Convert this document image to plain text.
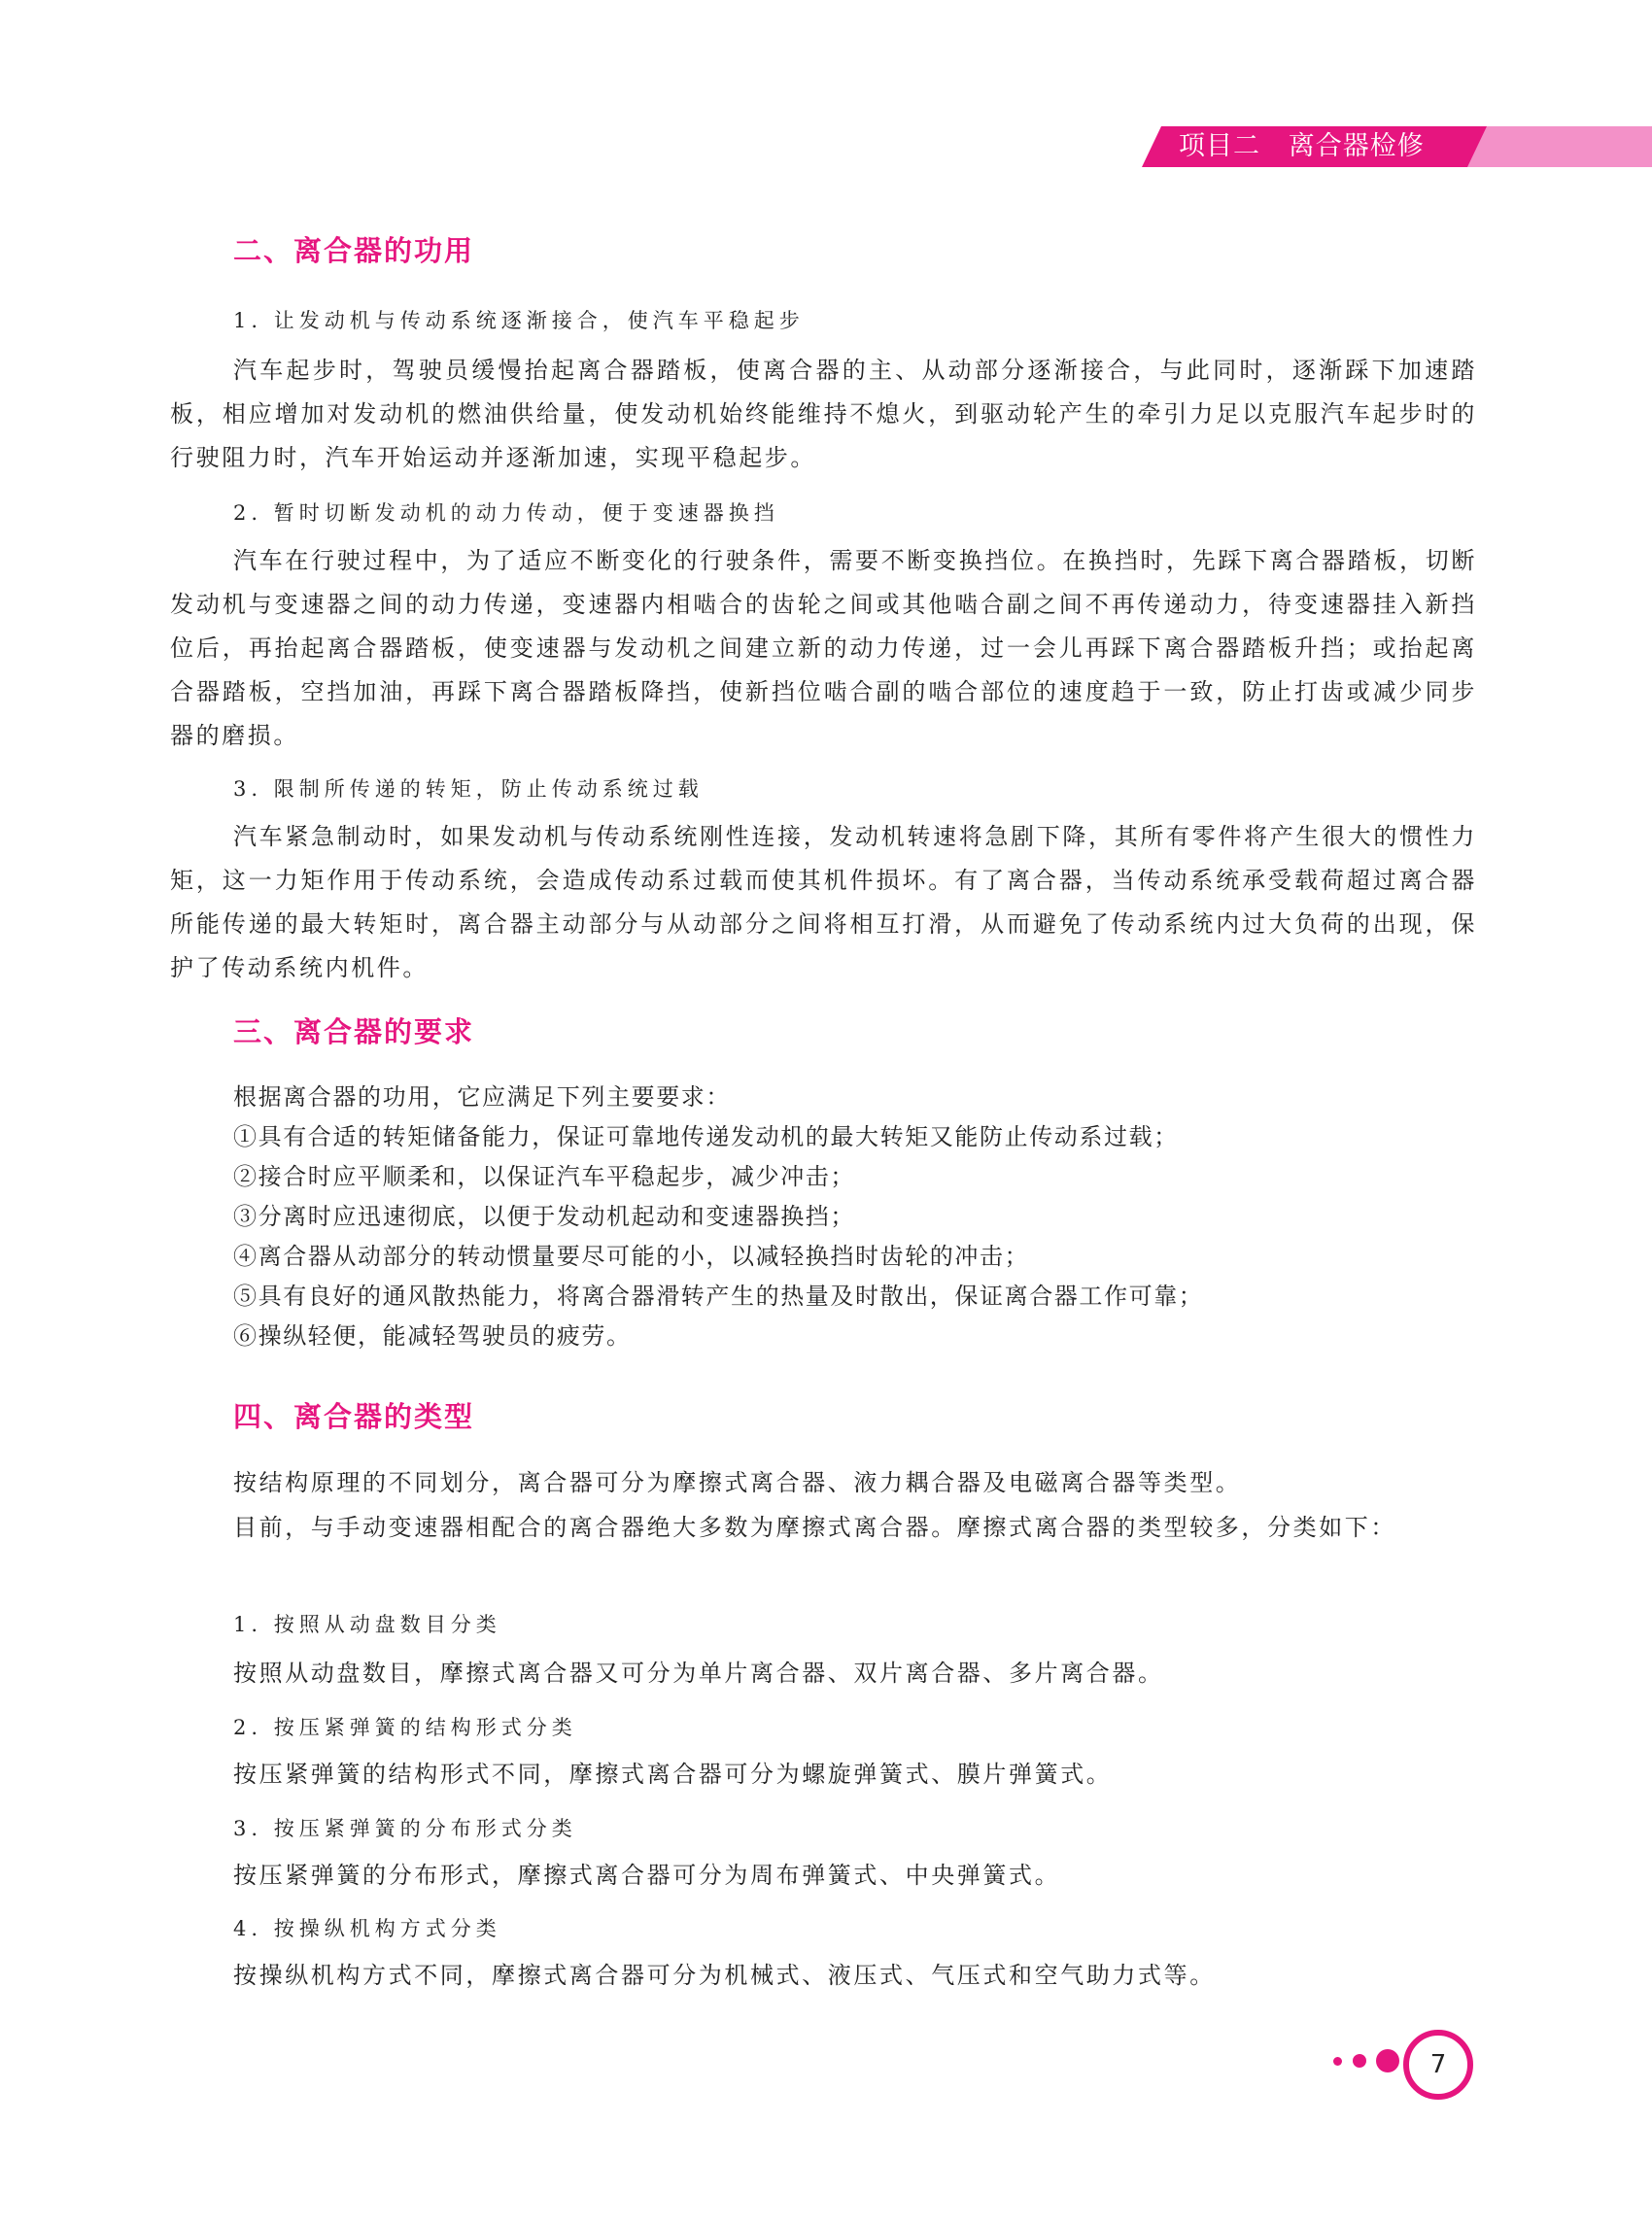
项目二   离合器检修
二、离合器的功用
1. 让发动机与传动系统逐渐接合，使汽车平稳起步

汽车起步时，驾驶员缓慢抬起离合器踏板，使离合器的主、从动部分逐渐接合，与此同时，逐渐踩下加速踏板，相应增加对发动机的燃油供给量，使发动机始终能维持不熄火，到驱动轮产生的牵引力足以克服汽车起步时的行驶阻力时，汽车开始运动并逐渐加速，实现平稳起步。

2. 暂时切断发动机的动力传动，便于变速器换挡

汽车在行驶过程中，为了适应不断变化的行驶条件，需要不断变换挡位。在换挡时，先踩下离合器踏板，切断发动机与变速器之间的动力传递，变速器内相啮合的齿轮之间或其他啮合副之间不再传递动力，待变速器挂入新挡位后，再抬起离合器踏板，使变速器与发动机之间建立新的动力传递，过一会儿再踩下离合器踏板升挡；或抬起离合器踏板，空挡加油，再踩下离合器踏板降挡，使新挡位啮合副的啮合部位的速度趋于一致，防止打齿或减少同步器的磨损。

3. 限制所传递的转矩，防止传动系统过载

汽车紧急制动时，如果发动机与传动系统刚性连接，发动机转速将急剧下降，其所有零件将产生很大的惯性力矩，这一力矩作用于传动系统，会造成传动系过载而使其机件损坏。有了离合器，当传动系统承受载荷超过离合器所能传递的最大转矩时，离合器主动部分与从动部分之间将相互打滑，从而避免了传动系统内过大负荷的出现，保护了传动系统内机件。

三、离合器的要求
根据离合器的功用，它应满足下列主要要求：
①具有合适的转矩储备能力，保证可靠地传递发动机的最大转矩又能防止传动系过载；
②接合时应平顺柔和，以保证汽车平稳起步，减少冲击；
③分离时应迅速彻底，以便于发动机起动和变速器换挡；
④离合器从动部分的转动惯量要尽可能的小，以减轻换挡时齿轮的冲击；
⑤具有良好的通风散热能力，将离合器滑转产生的热量及时散出，保证离合器工作可靠；
⑥操纵轻便，能减轻驾驶员的疲劳。
四、离合器的类型

按结构原理的不同划分，离合器可分为摩擦式离合器、液力耦合器及电磁离合器等类型。

目前，与手动变速器相配合的离合器绝大多数为摩擦式离合器。摩擦式离合器的类型较多，分类如下：

1. 按照从动盘数目分类
按照从动盘数目，摩擦式离合器又可分为单片离合器、双片离合器、多片离合器。
2. 按压紧弹簧的结构形式分类
按压紧弹簧的结构形式不同，摩擦式离合器可分为螺旋弹簧式、膜片弹簧式。
3. 按压紧弹簧的分布形式分类
按压紧弹簧的分布形式，摩擦式离合器可分为周布弹簧式、中央弹簧式。
4. 按操纵机构方式分类
按操纵机构方式不同，摩擦式离合器可分为机械式、液压式、气压式和空气助力式等。
7
